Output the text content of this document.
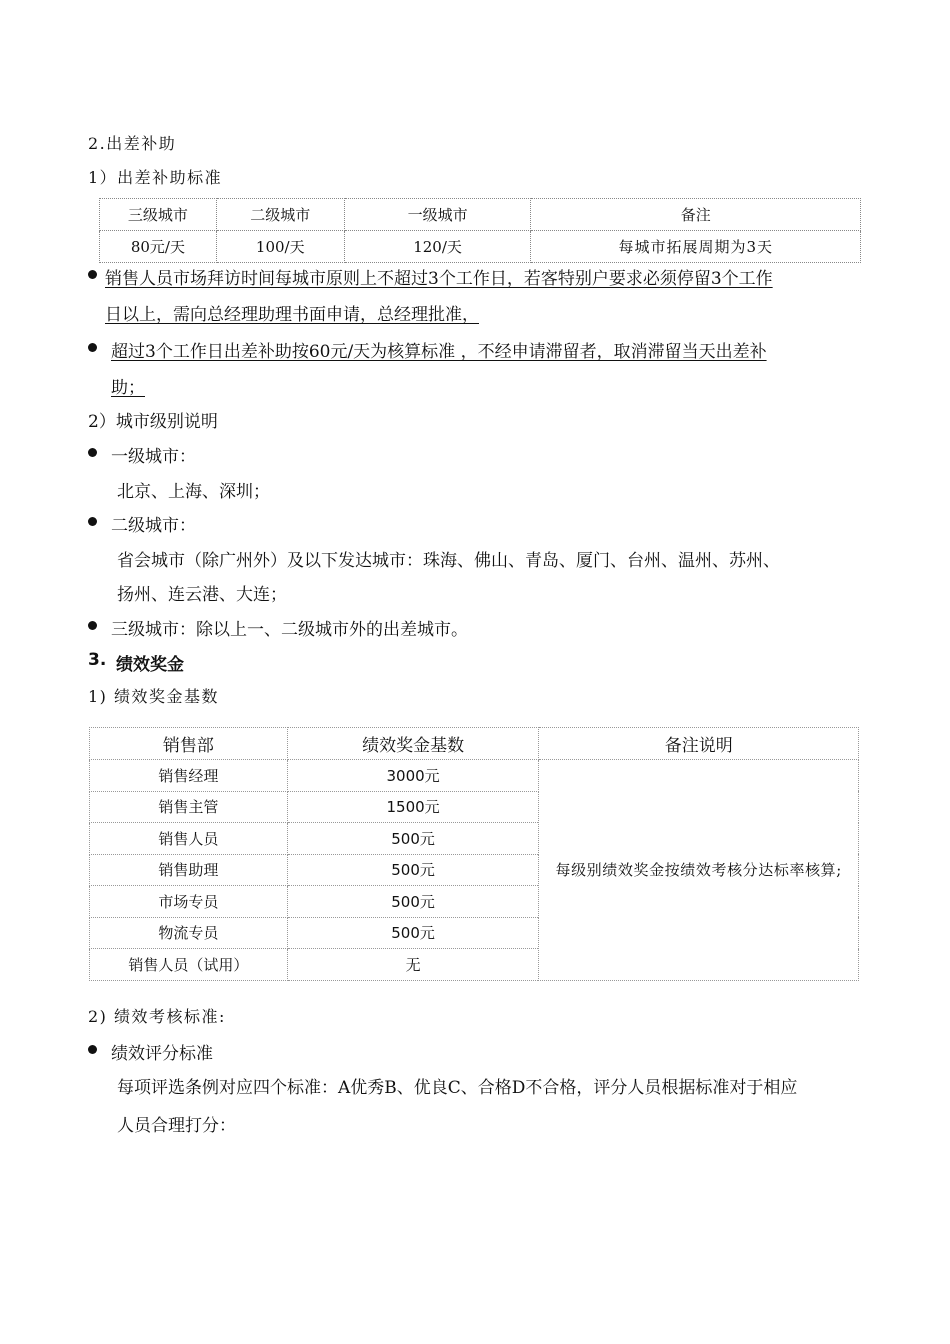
2.出差补助
1）出差补助标准
三级城市	二级城市	一级城市	备注
80元/天	100/天	120/天	每城市拓展周期为3天
销售人员市场拜访时间每城市原则上不超过3个工作日，若客特别户要求必须停留3个工作
日以上，需向总经理助理书面申请，总经理批准，
超过3个工作日出差补助按60元/天为核算标准 ，不经申请滞留者，取消滞留当天出差补
助；
2）城市级别说明
一级城市：
北京、上海、深圳；
二级城市：
省会城市（除广州外）及以下发达城市：珠海、佛山、青岛、厦门、台州、温州、苏州、
扬州、连云港、大连；
三级城市：除以上一、二级城市外的出差城市。
3. 绩效奖金
1) 绩效奖金基数
销售部	绩效奖金基数	备注说明
销售经理	3000元	每级别绩效奖金按绩效考核分达标率核算;
销售主管	1500元	
销售人员	500元	
销售助理	500元	
市场专员	500元	
物流专员	500元	
销售人员（试用）	无	
2) 绩效考核标准:
绩效评分标准
每项评选条例对应四个标准：A优秀B、优良C、合格D不合格，评分人员根据标准对于相应
人员合理打分：
